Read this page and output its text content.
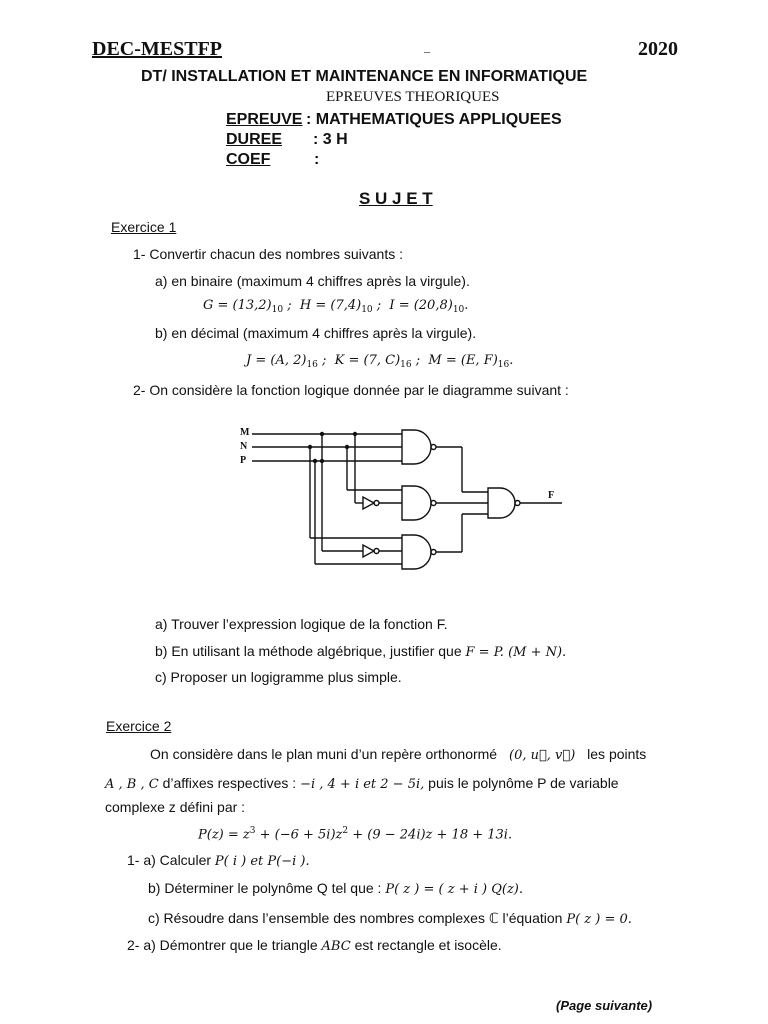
DEC-MESTFP	–	2020
DT/ INSTALLATION ET MAINTENANCE EN INFORMATIQUE
EPREUVES THEORIQUES
EPREUVE : MATHEMATIQUES APPLIQUEES
DUREE : 3 H
COEF	:
S U J E T
Exercice 1
1- Convertir chacun des nombres suivants :
a) en binaire (maximum 4 chiffres après la virgule).
$G = (13,2)_{10}$ ;  $H = (7,4)_{10}$ ;  $I = (20,8)_{10}$.
b) en décimal (maximum 4 chiffres après la virgule).
J = (A, $2)_{16}$ ;  K = (7, $C)_{16}$ ;  M = (E, $F)_{16}$.
2- On considère la fonction logique donnée par le diagramme suivant :
M
N
P
F
a) Trouver l’expression logique de la fonction F.
b) En utilisant la méthode algébrique, justifier que F = P. (M + N).
c) Proposer un logigramme plus simple.
Exercice 2
On considère dans le plan muni d’un repère orthonormé (0, u⃗, v⃗) les points
A , B , C d’affixes respectives : −i , 4 + i et 2 − 5i, puis le polynôme P de variable
complexe z défini par :
$P(z) = z^3 + (-6 + 5i)z^2 + (9 - 24i)z + 18 + 13i$.
1- a) Calculer P( i ) et P(−i ).
b) Déterminer le polynôme Q tel que : P( z ) = ( z + i ) Q(z).
c) Résoudre dans l’ensemble des nombres complexes ℂ l’équation P( z ) = 0.
2- a) Démontrer que le triangle ABC est rectangle et isocèle.
(Page suivante)
